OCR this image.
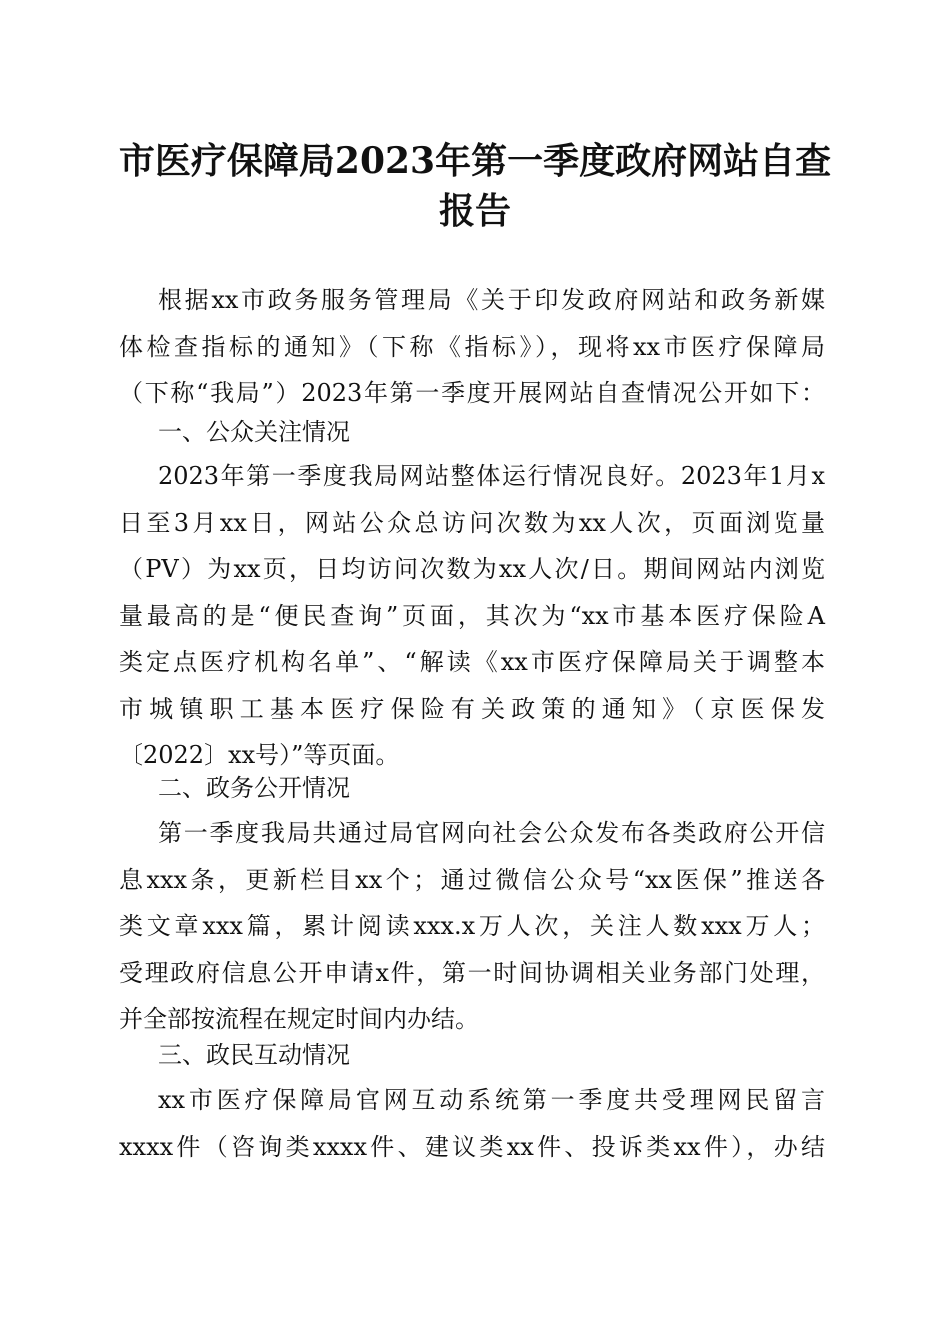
市医疗保障局2023年第一季度政府网站自查
报告
根据xx市政务服务管理局《关于印发政府网站和政务新媒
体检查指标的通知》（下称《指标》），现将xx市医疗保障局
（下称“我局”）2023年第一季度开展网站自查情况公开如下：
一、公众关注情况
2023年第一季度我局网站整体运行情况良好。2023年1月x
日至3月xx日，网站公众总访问次数为xx人次，页面浏览量
（PV）为xx页，日均访问次数为xx人次/日。期间网站内浏览
量最高的是“便民查询”页面，其次为“xx市基本医疗保险A
类定点医疗机构名单”、“解读《xx市医疗保障局关于调整本
市城镇职工基本医疗保险有关政策的通知》（京医保发
〔2022〕xx号）”等页面。
二、政务公开情况
第一季度我局共通过局官网向社会公众发布各类政府公开信
息xxx条，更新栏目xx个；通过微信公众号“xx医保”推送各
类文章xxx篇，累计阅读xxx.x万人次，关注人数xxx万人；
受理政府信息公开申请x件，第一时间协调相关业务部门处理，
并全部按流程在规定时间内办结。
三、政民互动情况
xx市医疗保障局官网互动系统第一季度共受理网民留言
xxxx件（咨询类xxxx件、建议类xx件、投诉类xx件），办结
